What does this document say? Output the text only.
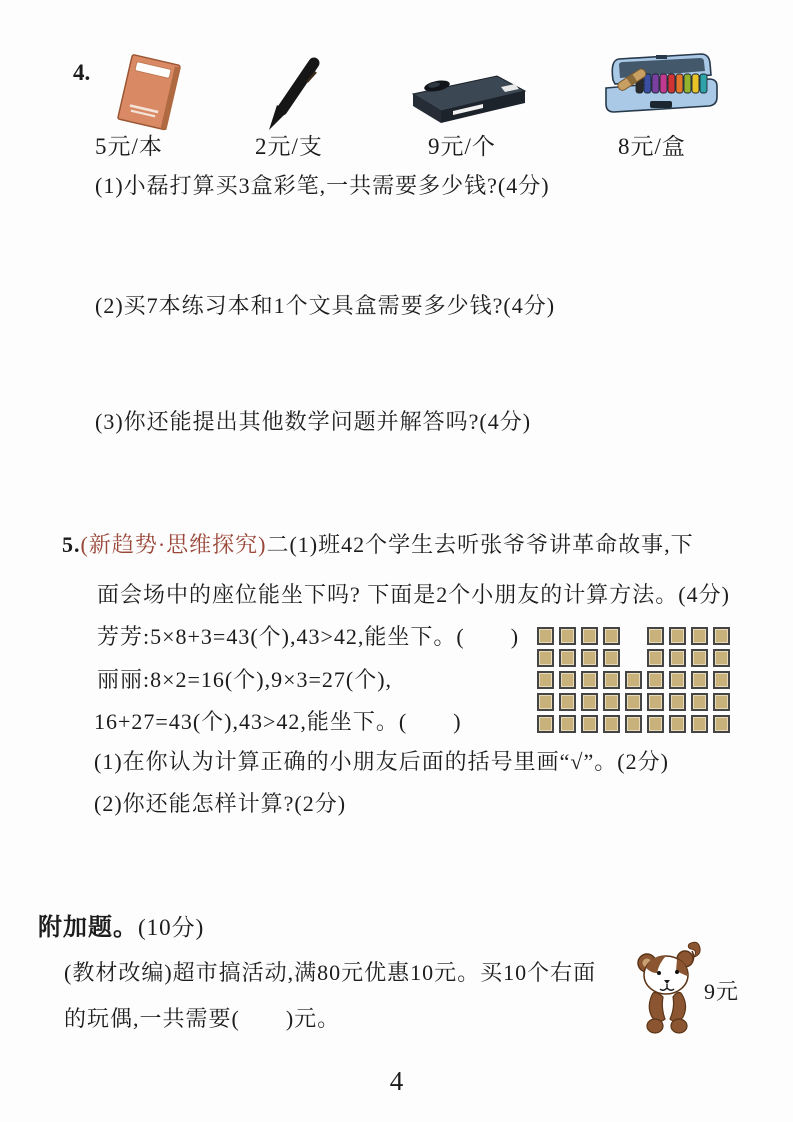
4.
5元/本	2元/支	9元/个	8元/盒
(1)小磊打算买3盒彩笔,一共需要多少钱?(4分)
(2)买7本练习本和1个文具盒需要多少钱?(4分)
(3)你还能提出其他数学问题并解答吗?(4分)
5.(新趋势·思维探究)二(1)班42个学生去听张爷爷讲革命故事,下
面会场中的座位能坐下吗? 下面是2个小朋友的计算方法。(4分)
芳芳:5×8+3=43(个),43>42,能坐下。(　　)
丽丽:8×2=16(个),9×3=27(个),
16+27=43(个),43>42,能坐下。(　　)
(1)在你认为计算正确的小朋友后面的括号里画“√”。(2分)
(2)你还能怎样计算?(2分)
附加题。(10分)
(教材改编)超市搞活动,满80元优惠10元。买10个右面
的玩偶,一共需要(　　)元。
9元
4
